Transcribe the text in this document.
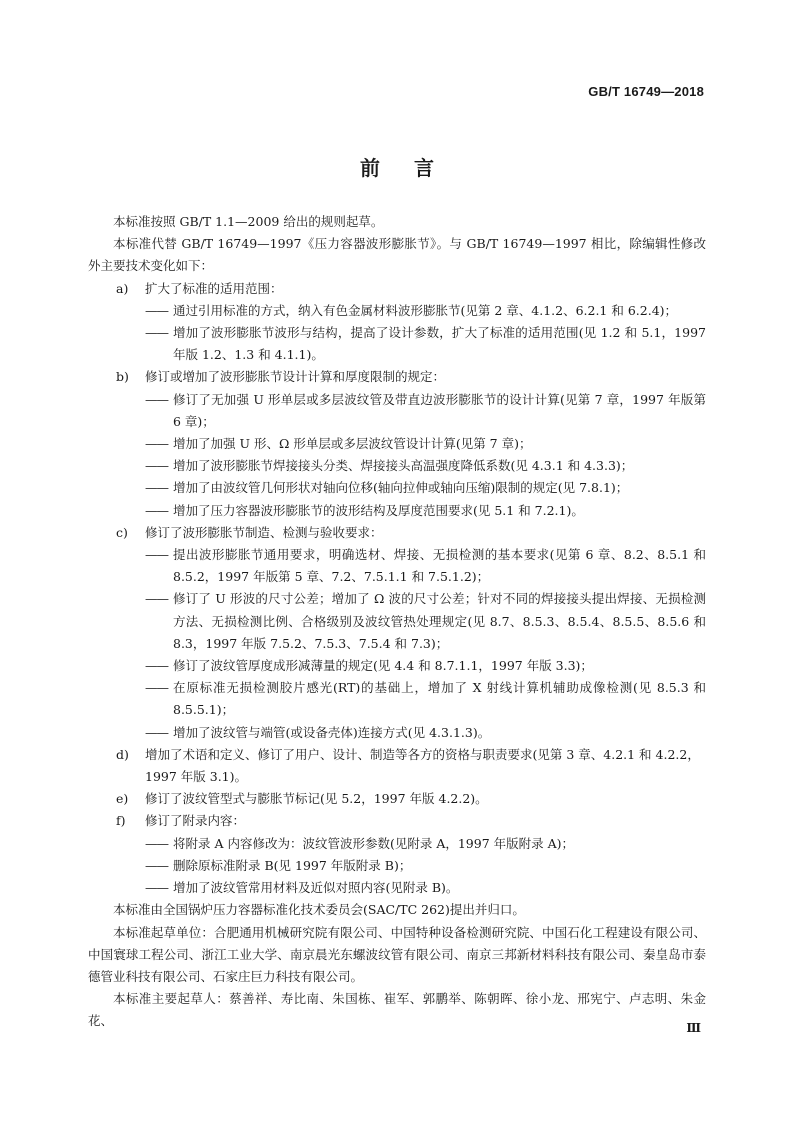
GB/T 16749—2018
前言

本标准按照 GB/T 1.1—2009 给出的规则起草。

本标准代替 GB/T 16749—1997《压力容器波形膨胀节》。与 GB/T 16749—1997 相比，除编辑性修改外主要技术变化如下：

a) 扩大了标准的适用范围：

—— 通过引用标准的方式，纳入有色金属材料波形膨胀节(见第 2 章、4.1.2、6.2.1 和 6.2.4)；

—— 增加了波形膨胀节波形与结构，提高了设计参数，扩大了标准的适用范围(见 1.2 和 5.1，1997 年版 1.2、1.3 和 4.1.1)。

b) 修订或增加了波形膨胀节设计计算和厚度限制的规定：

—— 修订了无加强 U 形单层或多层波纹管及带直边波形膨胀节的设计计算(见第 7 章，1997 年版第 6 章)；

—— 增加了加强 U 形、Ω 形单层或多层波纹管设计计算(见第 7 章)；

—— 增加了波形膨胀节焊接接头分类、焊接接头高温强度降低系数(见 4.3.1 和 4.3.3)；

—— 增加了由波纹管几何形状对轴向位移(轴向拉伸或轴向压缩)限制的规定(见 7.8.1)；

—— 增加了压力容器波形膨胀节的波形结构及厚度范围要求(见 5.1 和 7.2.1)。

c) 修订了波形膨胀节制造、检测与验收要求：

—— 提出波形膨胀节通用要求，明确选材、焊接、无损检测的基本要求(见第 6 章、8.2、8.5.1 和 8.5.2，1997 年版第 5 章、7.2、7.5.1.1 和 7.5.1.2)；

—— 修订了 U 形波的尺寸公差；增加了 Ω 波的尺寸公差；针对不同的焊接接头提出焊接、无损检测方法、无损检测比例、合格级别及波纹管热处理规定(见 8.7、8.5.3、8.5.4、8.5.5、8.5.6 和 8.3，1997 年版 7.5.2、7.5.3、7.5.4 和 7.3)；

—— 修订了波纹管厚度成形减薄量的规定(见 4.4 和 8.7.1.1，1997 年版 3.3)；

—— 在原标准无损检测胶片感光(RT)的基础上，增加了 X 射线计算机辅助成像检测(见 8.5.3 和 8.5.5.1)；

—— 增加了波纹管与端管(或设备壳体)连接方式(见 4.3.1.3)。

d) 增加了术语和定义、修订了用户、设计、制造等各方的资格与职责要求(见第 3 章、4.2.1 和 4.2.2，1997 年版 3.1)。

e) 修订了波纹管型式与膨胀节标记(见 5.2，1997 年版 4.2.2)。

f) 修订了附录内容：

—— 将附录 A 内容修改为：波纹管波形参数(见附录 A，1997 年版附录 A)；

—— 删除原标准附录 B(见 1997 年版附录 B)；

—— 增加了波纹管常用材料及近似对照内容(见附录 B)。

本标准由全国锅炉压力容器标准化技术委员会(SAC/TC 262)提出并归口。

本标准起草单位：合肥通用机械研究院有限公司、中国特种设备检测研究院、中国石化工程建设有限公司、中国寰球工程公司、浙江工业大学、南京晨光东螺波纹管有限公司、南京三邦新材料科技有限公司、秦皇岛市泰德管业科技有限公司、石家庄巨力科技有限公司。

本标准主要起草人：蔡善祥、寿比南、朱国栋、崔军、郭鹏举、陈朝晖、徐小龙、邢宪宁、卢志明、朱金花、	Ⅲ
